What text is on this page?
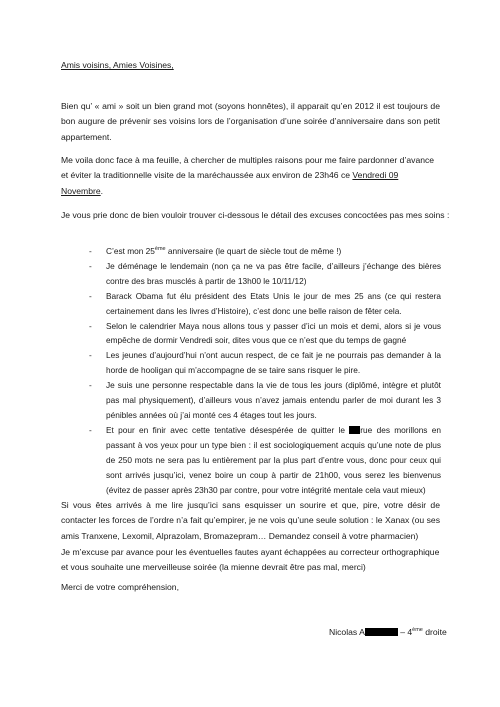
Amis voisins, Amies Voisines,

Bien qu’ « ami » soit un bien grand mot (soyons honnêtes), il apparait qu’en 2012 il est toujours de bon augure de prévenir ses voisins lors de l’organisation d’une soirée d’anniversaire dans son petit appartement.

Me voila donc face à ma feuille, à chercher de multiples raisons pour me faire pardonner d’avance et éviter la traditionnelle visite de la maréchaussée aux environ de 23h46 ce Vendredi 09 Novembre.

Je vous prie donc de bien vouloir trouver ci-dessous le détail des excuses concoctées pas mes soins :

- C’est mon 25ème anniversaire (le quart de siècle tout de même !)
- Je déménage le lendemain (non ça ne va pas être facile, d’ailleurs j’échange des bières contre des bras musclés à partir de 13h00 le 10/11/12)
- Barack Obama fut élu président des Etats Unis le jour de mes 25 ans (ce qui restera certainement dans les livres d’Histoire), c’est donc une belle raison de fêter cela.
- Selon le calendrier Maya nous allons tous y passer d’ici un mois et demi, alors si je vous empêche de dormir Vendredi soir, dites vous que ce n’est que du temps de gagné
- Les jeunes d’aujourd’hui n’ont aucun respect, de ce fait je ne pourrais pas demander à la horde de hooligan qui m’accompagne de se taire sans risquer le pire.
- Je suis une personne respectable dans la vie de tous les jours (diplômé, intègre et plutôt pas mal physiquement), d’ailleurs vous n’avez jamais entendu parler de moi durant les 3 pénibles années où j’ai monté ces 4 étages tout les jours.
- Et pour en finir avec cette tentative désespérée de quitter le rue des morillons en passant à vos yeux pour un type bien : il est sociologiquement acquis qu’une note de plus de 250 mots ne sera pas lu entièrement par la plus part d’entre vous, donc pour ceux qui sont arrivés jusqu’ici, venez boire un coup à partir de 21h00, vous serez les bienvenus (évitez de passer après 23h30 par contre, pour votre intégrité mentale cela vaut mieux)

Si vous êtes arrivés à me lire jusqu’ici sans esquisser un sourire et que, pire, votre désir de contacter les forces de l’ordre n’a fait qu’empirer, je ne vois qu’une seule solution : le Xanax (ou ses amis Tranxene, Lexomil, Alprazolam, Bromazepram… Demandez conseil à votre pharmacien)

Je m’excuse par avance pour les éventuelles fautes ayant échappées au correcteur orthographique et vous souhaite une merveilleuse soirée (la mienne devrait être pas mal, merci)

Merci de votre compréhension,

Nicolas A	– 4ème droite
